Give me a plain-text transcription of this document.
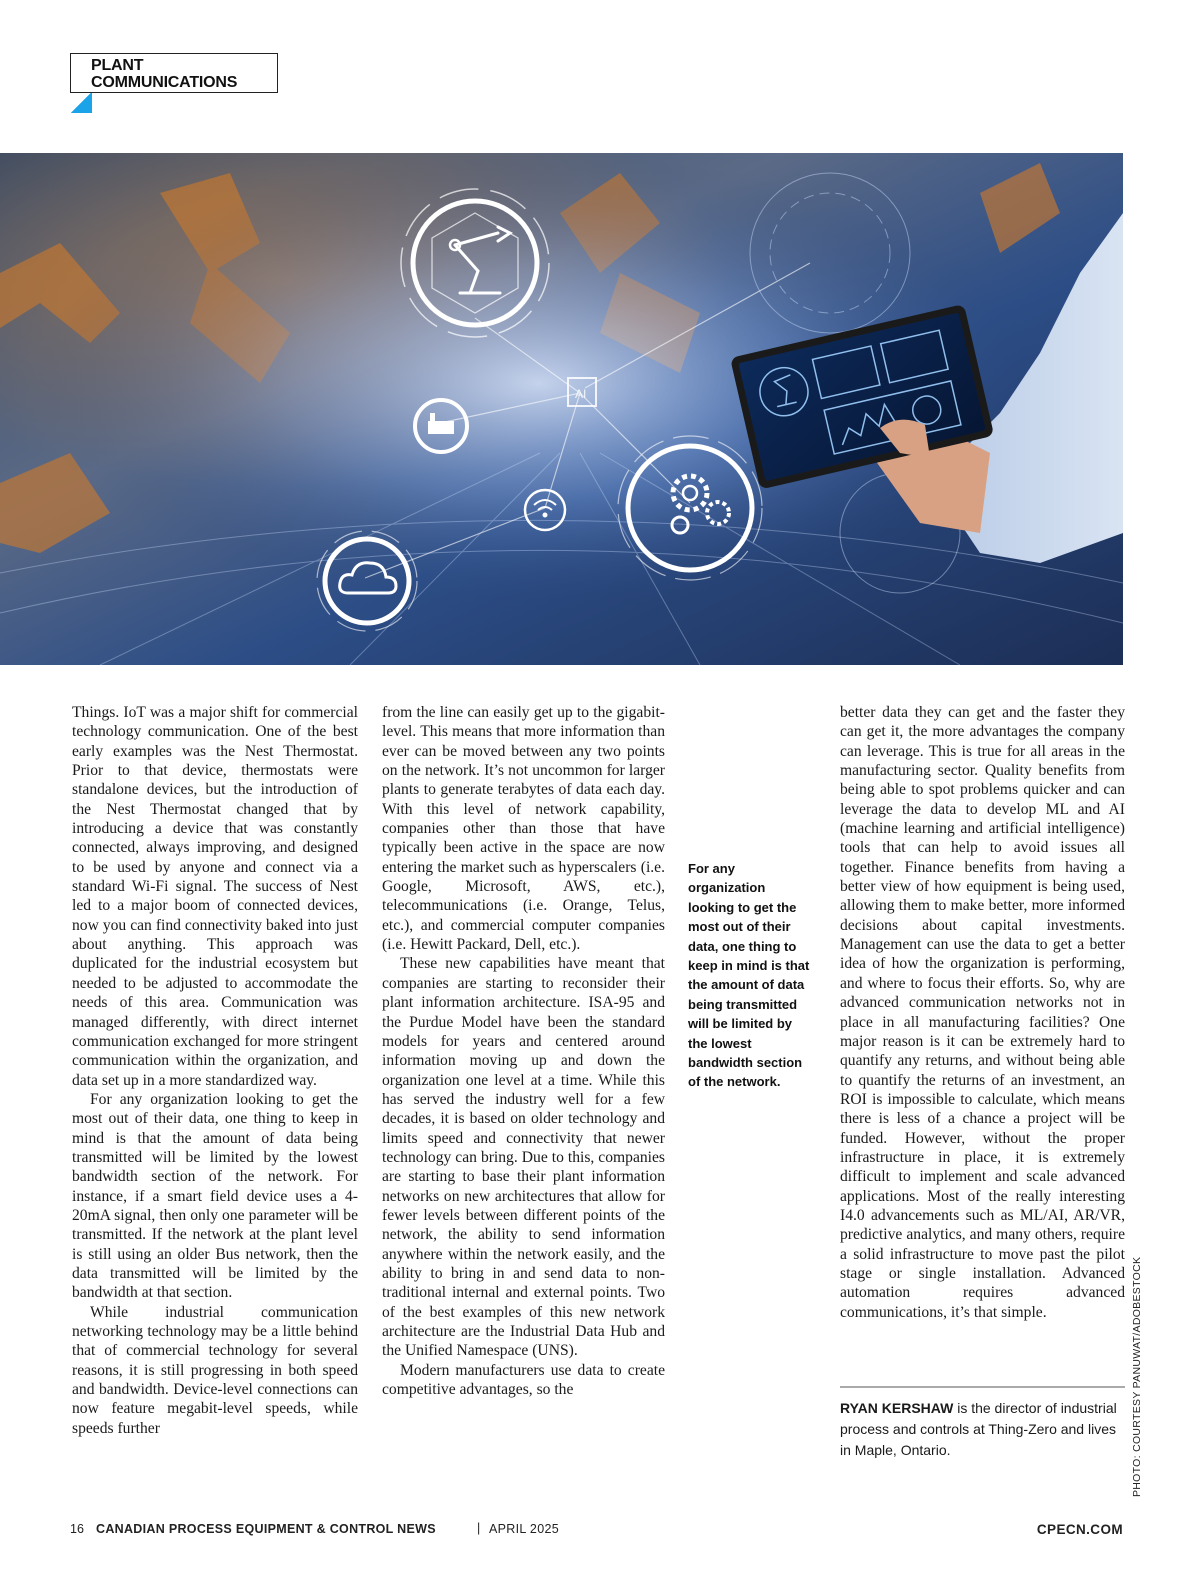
PLANT
COMMUNICATIONS
AI

Things. IoT was a major shift for commercial technology communication. One of the best early examples was the Nest Thermostat. Prior to that device, thermostats were standalone devices, but the introduction of the Nest Thermostat changed that by introducing a device that was constantly connected, always improving, and designed to be used by anyone and connect via a standard Wi-Fi signal. The success of Nest led to a major boom of connected devices, now you can find connectivity baked into just about anything. This approach was duplicated for the industrial ecosystem but needed to be adjusted to accommodate the needs of this area. Communication was managed differently, with direct internet communication exchanged for more stringent communication within the organization, and data set up in a more standardized way.

For any organization looking to get the most out of their data, one thing to keep in mind is that the amount of data being transmitted will be limited by the lowest bandwidth section of the network. For instance, if a smart field device uses a 4-20mA signal, then only one parameter will be transmitted. If the network at the plant level is still using an older Bus network, then the data transmitted will be limited by the bandwidth at that section.

While industrial communication networking technology may be a little behind that of commercial technology for several reasons, it is still progressing in both speed and bandwidth. Device-level connections can now feature megabit-level speeds, while speeds further

from the line can easily get up to the gigabit-level. This means that more information than ever can be moved between any two points on the network. It’s not uncommon for larger plants to generate terabytes of data each day. With this level of network capability, companies other than those that have typically been active in the space are now entering the market such as hyperscalers (i.e. Google, Microsoft, AWS, etc.), telecommunications (i.e. Orange, Telus, etc.), and commercial computer companies (i.e. Hewitt Packard, Dell, etc.).

These new capabilities have meant that companies are starting to reconsider their plant information architecture. ISA-95 and the Purdue Model have been the standard models for years and centered around information moving up and down the organization one level at a time. While this has served the industry well for a few decades, it is based on older technology and limits speed and connectivity that newer technology can bring. Due to this, companies are starting to base their plant information networks on new architectures that allow for fewer levels between different points of the network, the ability to send information anywhere within the network easily, and the ability to bring in and send data to non-traditional internal and external points. Two of the best examples of this new network architecture are the Industrial Data Hub and the Unified Namespace (UNS).

Modern manufacturers use data to create competitive advantages, so the

For any organization looking to get the most out of their data, one thing to keep in mind is that the amount of data being transmitted will be limited by the lowest bandwidth section of the network.

better data they can get and the faster they can get it, the more advantages the company can leverage. This is true for all areas in the manufacturing sector. Quality benefits from being able to spot problems quicker and can leverage the data to develop ML and AI (machine learning and artificial intelligence) tools that can help to avoid issues all together. Finance benefits from having a better view of how equipment is being used, allowing them to make better, more informed decisions about capital investments. Management can use the data to get a better idea of how the organization is performing, and where to focus their efforts. So, why are advanced communication networks not in place in all manufacturing facilities? One major reason is it can be extremely hard to quantify any returns, and without being able to quantify the returns of an investment, an ROI is impossible to calculate, which means there is less of a chance a project will be funded. However, without the proper infrastructure in place, it is extremely difficult to implement and scale advanced applications. Most of the really interesting I4.0 advancements such as ML/AI, AR/VR, predictive analytics, and many others, require a solid infrastructure to move past the pilot stage or single installation. Advanced automation requires advanced communications, it’s that simple.

RYAN KERSHAW is the director of industrial process and controls at Thing-Zero and lives in Maple, Ontario.	PHOTO: COURTESY PANUWAT/ADOBESTOCK
16 CANADIAN PROCESS EQUIPMENT & CONTROL NEWS	| APRIL 2025	CPECN.COM
